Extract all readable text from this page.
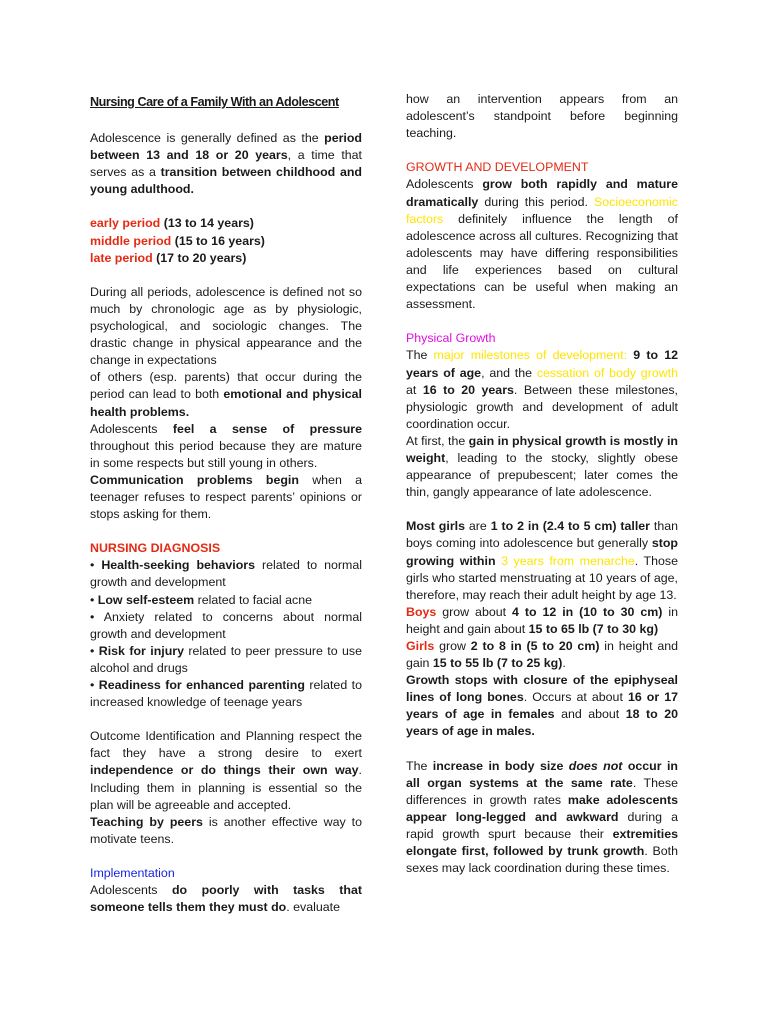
Nursing Care of a Family With an Adolescent

Adolescence is generally defined as the period between 13 and 18 or 20 years, a time that serves as a transition between childhood and young adulthood.

early period (13 to 14 years)

middle period (15 to 16 years)

late period (17 to 20 years)

During all periods, adolescence is defined not so much by chronologic age as by physiologic, psychological, and sociologic changes. The drastic change in physical appearance and the change in expectations
of others (esp. parents) that occur during the period can lead to both emotional and physical health problems.

Adolescents feel a sense of pressure throughout this period because they are mature in some respects but still young in others.

Communication problems begin when a teenager refuses to respect parents’ opinions or stops asking for them.

NURSING DIAGNOSIS

• Health-seeking behaviors related to normal growth and development

• Low self-esteem related to facial acne

• Anxiety related to concerns about normal growth and development

• Risk for injury related to peer pressure to use alcohol and drugs

• Readiness for enhanced parenting related to increased knowledge of teenage years

Outcome Identification and Planning respect the fact they have a strong desire to exert independence or do things their own way. Including them in planning is essential so the plan will be agreeable and accepted.

Teaching by peers is another effective way to motivate teens.

Implementation

Adolescents do poorly with tasks that someone tells them they must do. evaluate

how an intervention appears from an adolescent’s standpoint before beginning teaching.

GROWTH AND DEVELOPMENT

Adolescents grow both rapidly and mature dramatically during this period. Socioeconomic factors definitely influence the length of adolescence across all cultures. Recognizing that adolescents may have differing responsibilities and life experiences based on cultural expectations can be useful when making an assessment.

Physical Growth

The major milestones of development: 9 to 12 years of age, and the cessation of body growth at 16 to 20 years. Between these milestones, physiologic growth and development of adult coordination occur.

At first, the gain in physical growth is mostly in weight, leading to the stocky, slightly obese appearance of prepubescent; later comes the thin, gangly appearance of late adolescence.

Most girls are 1 to 2 in (2.4 to 5 cm) taller than boys coming into adolescence but generally stop growing within 3 years from menarche. Those girls who started menstruating at 10 years of age, therefore, may reach their adult height by age 13.

Boys grow about 4 to 12 in (10 to 30 cm) in height and gain about 15 to 65 lb (7 to 30 kg)

Girls grow 2 to 8 in (5 to 20 cm) in height and gain 15 to 55 lb (7 to 25 kg).

Growth stops with closure of the epiphyseal lines of long bones. Occurs at about 16 or 17 years of age in females and about 18 to 20 years of age in males.

The increase in body size does not occur in all organ systems at the same rate. These differences in growth rates make adolescents appear long-legged and awkward during a rapid growth spurt because their extremities elongate first, followed by trunk growth. Both sexes may lack coordination during these times.
